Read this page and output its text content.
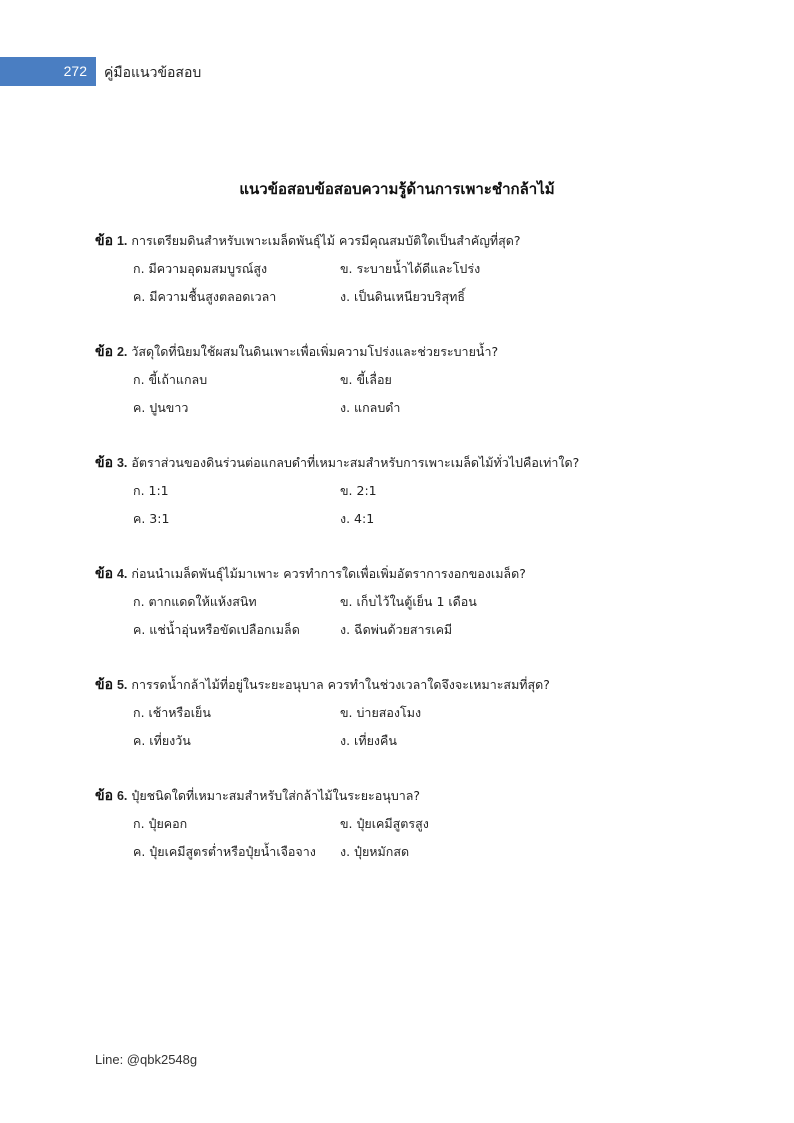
272 คู่มือแนวข้อสอบ
แนวข้อสอบข้อสอบความรู้ด้านการเพาะชำกล้าไม้
ข้อ 1. การเตรียมดินสำหรับเพาะเมล็ดพันธุ์ไม้ ควรมีคุณสมบัติใดเป็นสำคัญที่สุด?
ก. มีความอุดมสมบูรณ์สูง	ข. ระบายน้ำได้ดีและโปร่ง
ค. มีความชื้นสูงตลอดเวลา	ง. เป็นดินเหนียวบริสุทธิ์
ข้อ 2. วัสดุใดที่นิยมใช้ผสมในดินเพาะเพื่อเพิ่มความโปร่งและช่วยระบายน้ำ?
ก. ขี้เถ้าแกลบ	ข. ขี้เลื่อย
ค. ปูนขาว	ง. แกลบดำ
ข้อ 3. อัตราส่วนของดินร่วนต่อแกลบดำที่เหมาะสมสำหรับการเพาะเมล็ดไม้ทั่วไปคือเท่าใด?
ก. 1:1	ข. 2:1
ค. 3:1	ง. 4:1
ข้อ 4. ก่อนนำเมล็ดพันธุ์ไม้มาเพาะ ควรทำการใดเพื่อเพิ่มอัตราการงอกของเมล็ด?
ก. ตากแดดให้แห้งสนิท	ข. เก็บไว้ในตู้เย็น 1 เดือน
ค. แช่น้ำอุ่นหรือขัดเปลือกเมล็ด	ง. ฉีดพ่นด้วยสารเคมี
ข้อ 5. การรดน้ำกล้าไม้ที่อยู่ในระยะอนุบาล ควรทำในช่วงเวลาใดจึงจะเหมาะสมที่สุด?
ก. เช้าหรือเย็น	ข. บ่ายสองโมง
ค. เที่ยงวัน	ง. เที่ยงคืน
ข้อ 6. ปุ๋ยชนิดใดที่เหมาะสมสำหรับใส่กล้าไม้ในระยะอนุบาล?
ก. ปุ๋ยคอก	ข. ปุ๋ยเคมีสูตรสูง
ค. ปุ๋ยเคมีสูตรต่ำหรือปุ๋ยน้ำเจือจาง	ง. ปุ๋ยหมักสด
Line: @qbk2548g
